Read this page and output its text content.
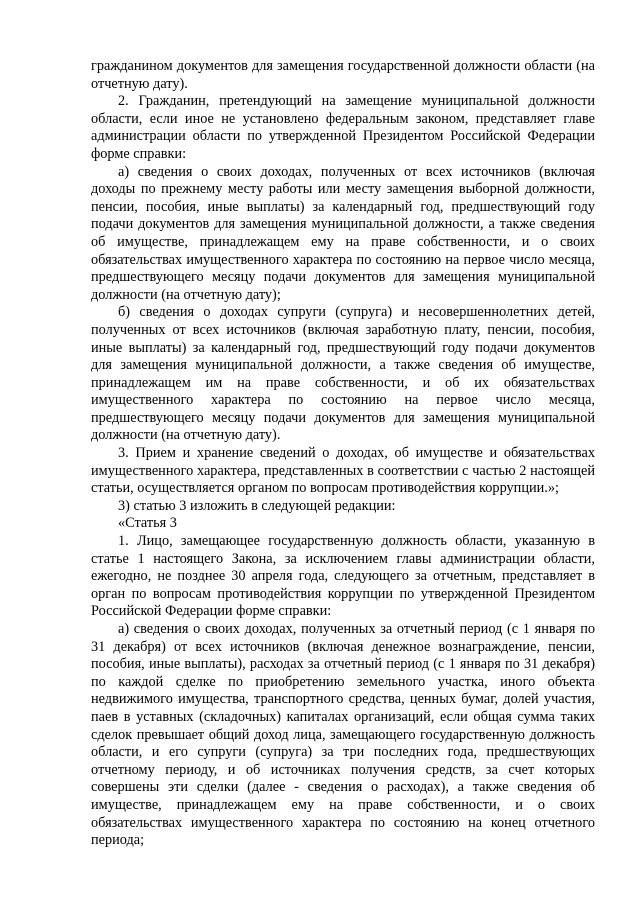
гражданином документов для замещения государственной должности области (на отчетную дату).

2. Гражданин, претендующий на замещение муниципальной должности области, если иное не установлено федеральным законом, представляет главе администрации области по утвержденной Президентом Российской Федерации форме справки:

а) сведения о своих доходах, полученных от всех источников (включая доходы по прежнему месту работы или месту замещения выборной должности, пенсии, пособия, иные выплаты) за календарный год, предшествующий году подачи документов для замещения муниципальной должности, а также сведения об имуществе, принадлежащем ему на праве собственности, и о своих обязательствах имущественного характера по состоянию на первое число месяца, предшествующего месяцу подачи документов для замещения муниципальной должности (на отчетную дату);

б) сведения о доходах супруги (супруга) и несовершеннолетних детей, полученных от всех источников (включая заработную плату, пенсии, пособия, иные выплаты) за календарный год, предшествующий году подачи документов для замещения муниципальной должности, а также сведения об имуществе, принадлежащем им на праве собственности, и об их обязательствах имущественного характера по состоянию на первое число месяца, предшествующего месяцу подачи документов для замещения муниципальной должности (на отчетную дату).

3. Прием и хранение сведений о доходах, об имуществе и обязательствах имущественного характера, представленных в соответствии с частью 2 настоящей статьи, осуществляется органом по вопросам противодействия коррупции.»;

3) статью 3 изложить в следующей редакции:

«Статья 3

1. Лицо, замещающее государственную должность области, указанную в статье 1 настоящего Закона, за исключением главы администрации области, ежегодно, не позднее 30 апреля года, следующего за отчетным, представляет в орган по вопросам противодействия коррупции по утвержденной Президентом Российской Федерации форме справки:

а) сведения о своих доходах, полученных за отчетный период (с 1 января по 31 декабря) от всех источников (включая денежное вознаграждение, пенсии, пособия, иные выплаты), расходах за отчетный период (с 1 января по 31 декабря) по каждой сделке по приобретению земельного участка, иного объекта недвижимого имущества, транспортного средства, ценных бумаг, долей участия, паев в уставных (складочных) капиталах организаций, если общая сумма таких сделок превышает общий доход лица, замещающего государственную должность области, и его супруги (супруга) за три последних года, предшествующих отчетному периоду, и об источниках получения средств, за счет которых совершены эти сделки (далее - сведения о расходах), а также сведения об имуществе, принадлежащем ему на праве собственности, и о своих обязательствах имущественного характера по состоянию на конец отчетного периода;
